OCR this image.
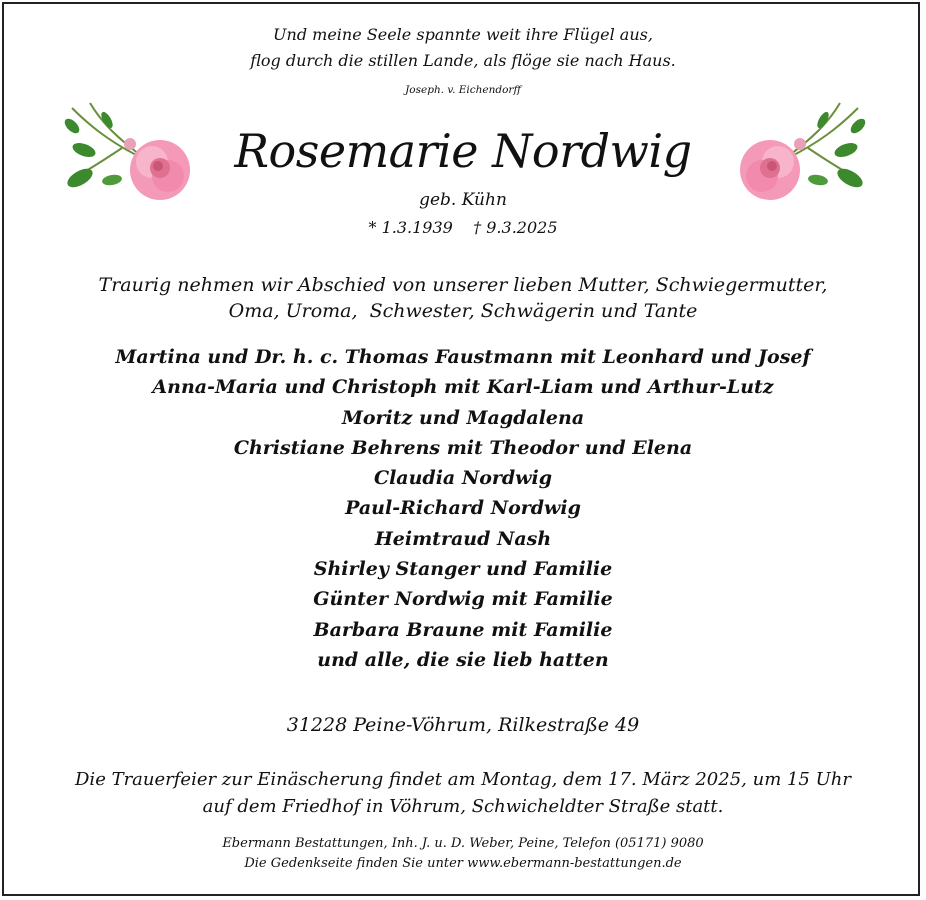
Und meine Seele spannte weit ihre Flügel aus,
flog durch die stillen Lande, als flöge sie nach Haus.
Joseph. v. Eichendorff
Rosemarie Nordwig
geb. Kühn
* 1.3.1939    † 9.3.2025
Traurig nehmen wir Abschied von unserer lieben Mutter, Schwiegermutter,
Oma, Uroma,  Schwester, Schwägerin und Tante
Martina und Dr. h. c. Thomas Faustmann mit Leonhard und Josef
Anna-Maria und Christoph mit Karl-Liam und Arthur-Lutz
Moritz und Magdalena
Christiane Behrens mit Theodor und Elena
Claudia Nordwig
Paul-Richard Nordwig
Heimtraud Nash
Shirley Stanger und Familie
Günter Nordwig mit Familie
Barbara Braune mit Familie
und alle, die sie lieb hatten
31228 Peine-Vöhrum, Rilkestraße 49
Die Trauerfeier zur Einäscherung findet am Montag, dem 17. März 2025, um 15 Uhr
auf dem Friedhof in Vöhrum, Schwicheldter Straße statt.
Ebermann Bestattungen, Inh. J. u. D. Weber, Peine, Telefon (05171) 9080
Die Gedenkseite finden Sie unter www.ebermann-bestattungen.de
